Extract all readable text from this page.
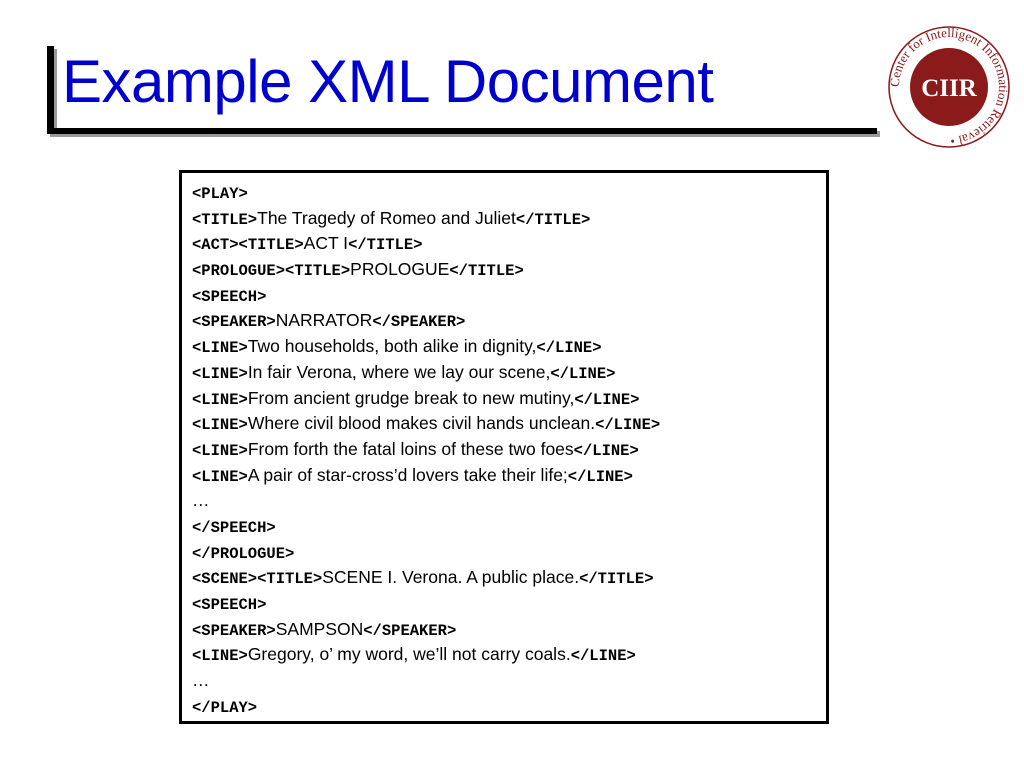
Example XML Document	Center for Intelligent Information Retrieval •
CIIR
<PLAY>
<TITLE>The Tragedy of Romeo and Juliet</TITLE>
<ACT><TITLE>ACT I</TITLE>
<PROLOGUE><TITLE>PROLOGUE</TITLE>
<SPEECH>
<SPEAKER>NARRATOR</SPEAKER>
<LINE>Two households, both alike in dignity,</LINE>
<LINE>In fair Verona, where we lay our scene,</LINE>
<LINE>From ancient grudge break to new mutiny,</LINE>
<LINE>Where civil blood makes civil hands unclean.</LINE>
<LINE>From forth the fatal loins of these two foes</LINE>
<LINE>A pair of star-cross’d lovers take their life;</LINE>
…
</SPEECH>
</PROLOGUE>
<SCENE><TITLE>SCENE I. Verona. A public place.</TITLE>
<SPEECH>
<SPEAKER>SAMPSON</SPEAKER>
<LINE>Gregory, o’ my word, we’ll not carry coals.</LINE>
…
</PLAY>
